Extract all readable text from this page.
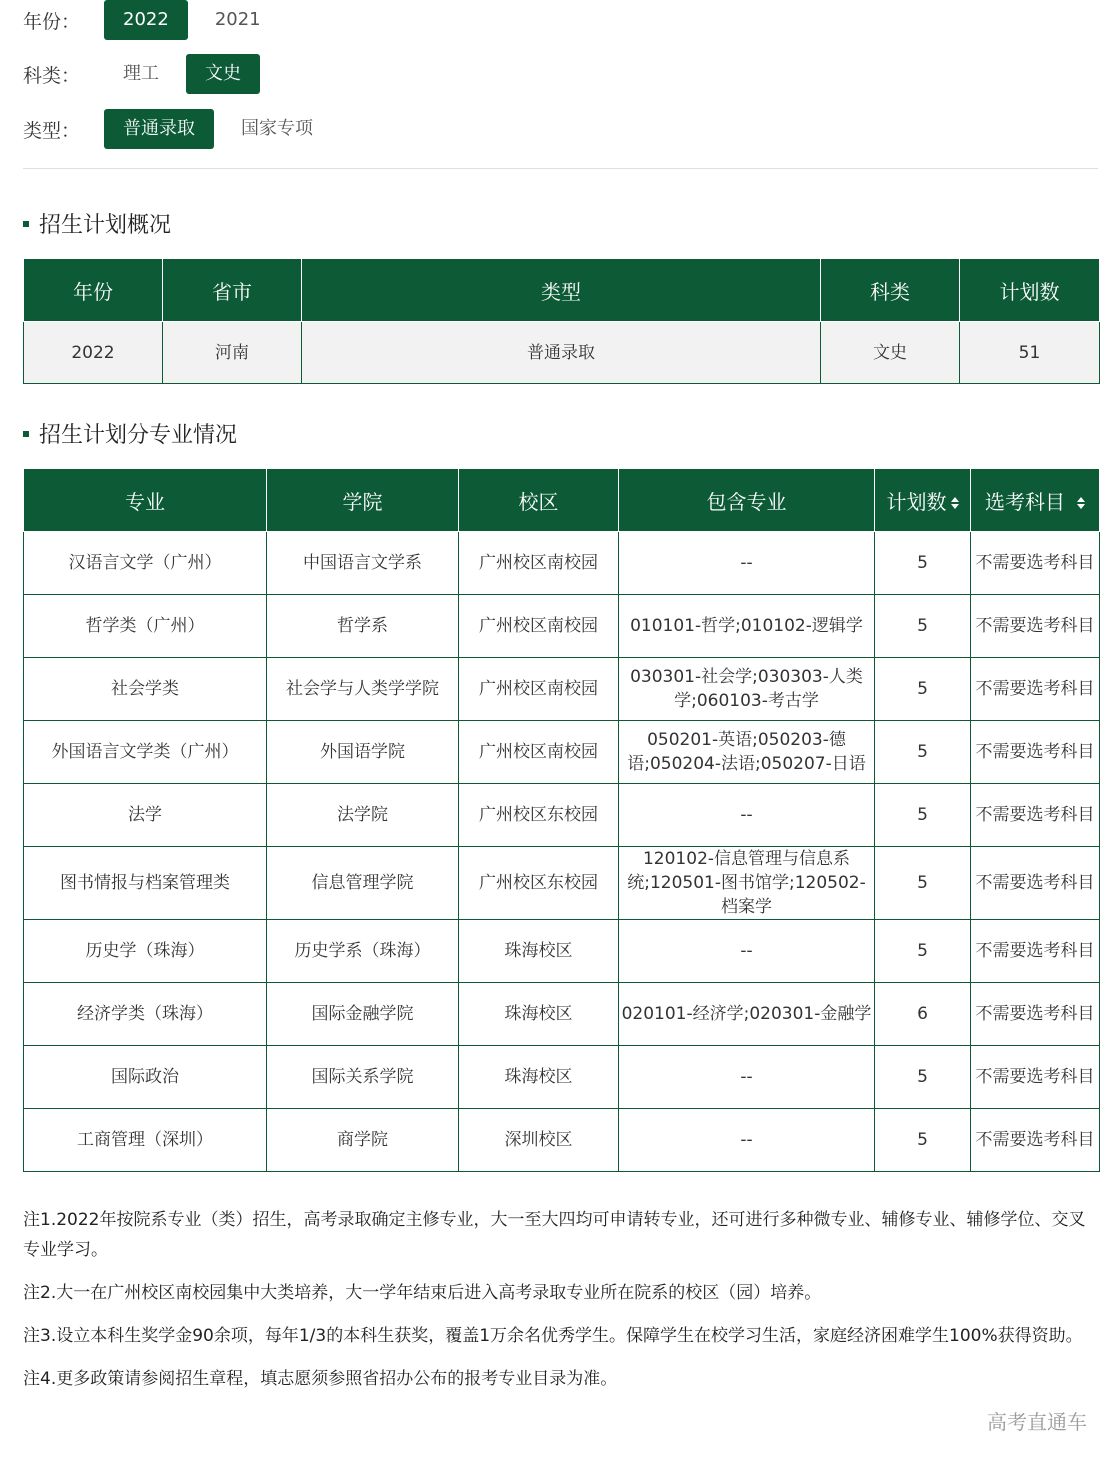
年份：	2022	2021
科类：	理工	文史
类型：	普通录取	国家专项
招生计划概况
年份	省市	类型	科类	计划数
2022	河南	普通录取	文史	51
招生计划分专业情况
专业	学院	校区	包含专业	计划数	选考科目

汉语言文学（广州）	中国语言文学系	广州校区南校园	--	5	不需要选考科目
哲学类（广州）	哲学系	广州校区南校园	010101-哲学;010102-逻辑学	5	不需要选考科目
社会学类	社会学与人类学学院	广州校区南校园	030301-社会学;030303-人类学;060103-考古学	5	不需要选考科目
外国语言文学类（广州）	外国语学院	广州校区南校园	050201-英语;050203-德语;050204-法语;050207-日语	5	不需要选考科目
法学	法学院	广州校区东校园	--	5	不需要选考科目
图书情报与档案管理类	信息管理学院	广州校区东校园	120102-信息管理与信息系统;120501-图书馆学;120502-档案学	5	不需要选考科目
历史学（珠海）	历史学系（珠海）	珠海校区	--	5	不需要选考科目
经济学类（珠海）	国际金融学院	珠海校区	020101-经济学;020301-金融学	6	不需要选考科目
国际政治	国际关系学院	珠海校区	--	5	不需要选考科目
工商管理（深圳）	商学院	深圳校区	--	5	不需要选考科目

注1.2022年按院系专业（类）招生，高考录取确定主修专业，大一至大四均可申请转专业，还可进行多种微专业、辅修专业、辅修学位、交叉专业学习。

注2.大一在广州校区南校园集中大类培养，大一学年结束后进入高考录取专业所在院系的校区（园）培养。

注3.设立本科生奖学金90余项，每年1/3的本科生获奖，覆盖1万余名优秀学生。保障学生在校学习生活，家庭经济困难学生100%获得资助。

注4.更多政策请参阅招生章程，填志愿须参照省招办公布的报考专业目录为准。

高考直通车
